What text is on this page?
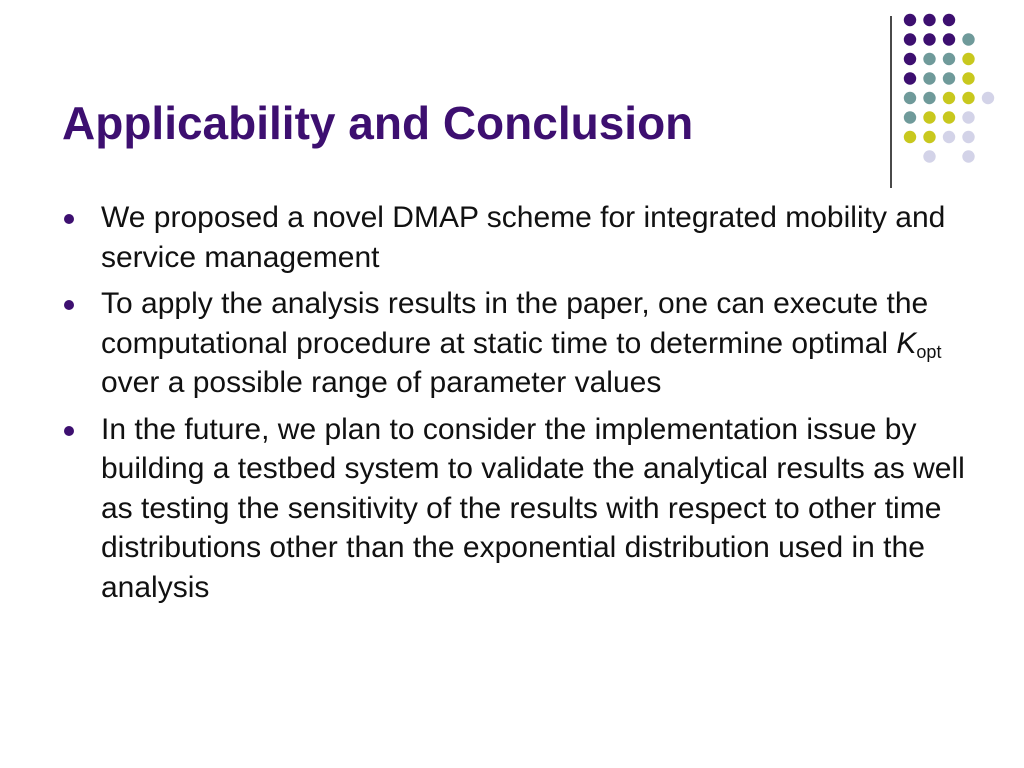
Applicability and Conclusion
We proposed a novel DMAP scheme for integrated mobility and service management
To apply the analysis results in the paper, one can execute the computational procedure at static time to determine optimal $K_{opt}$ over a possible range of parameter values
In the future, we plan to consider the implementation issue by building a testbed system to validate the analytical results as well as testing the sensitivity of the results with respect to other time distributions other than the exponential distribution used in the analysis
